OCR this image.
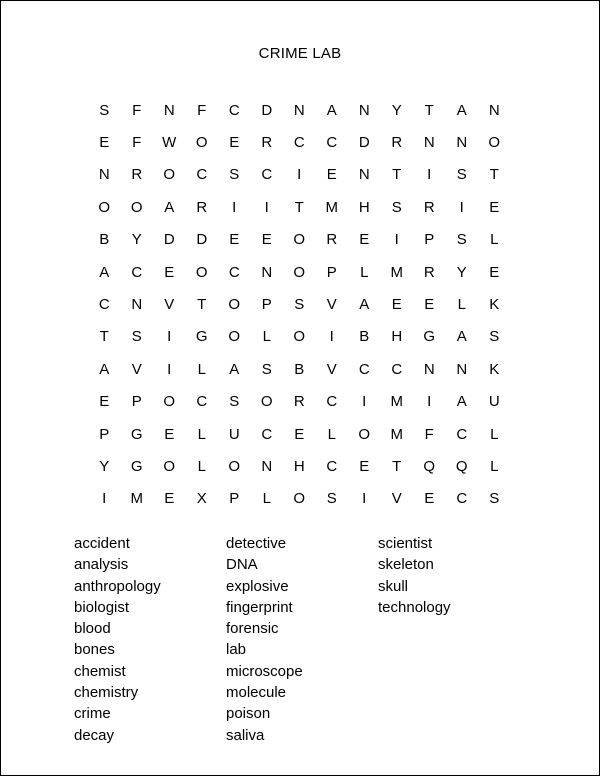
CRIME LAB
S	F	N	F	C	D	N	A	N	Y	T	A	N
E	F	W	O	E	R	C	C	D	R	N	N	O
N	R	O	C	S	C	I	E	N	T	I	S	T
O	O	A	R	I	I	T	M	H	S	R	I	E
B	Y	D	D	E	E	O	R	E	I	P	S	L
A	C	E	O	C	N	O	P	L	M	R	Y	E
C	N	V	T	O	P	S	V	A	E	E	L	K
T	S	I	G	O	L	O	I	B	H	G	A	S
A	V	I	L	A	S	B	V	C	C	N	N	K
E	P	O	C	S	O	R	C	I	M	I	A	U
P	G	E	L	U	C	E	L	O	M	F	C	L
Y	G	O	L	O	N	H	C	E	T	Q	Q	L
I	M	E	X	P	L	O	S	I	V	E	C	S
accident
analysis
anthropology
biologist
blood
bones
chemist
chemistry
crime
decay
detective
DNA
explosive
fingerprint
forensic
lab
microscope
molecule
poison
saliva
scientist
skeleton
skull
technology
